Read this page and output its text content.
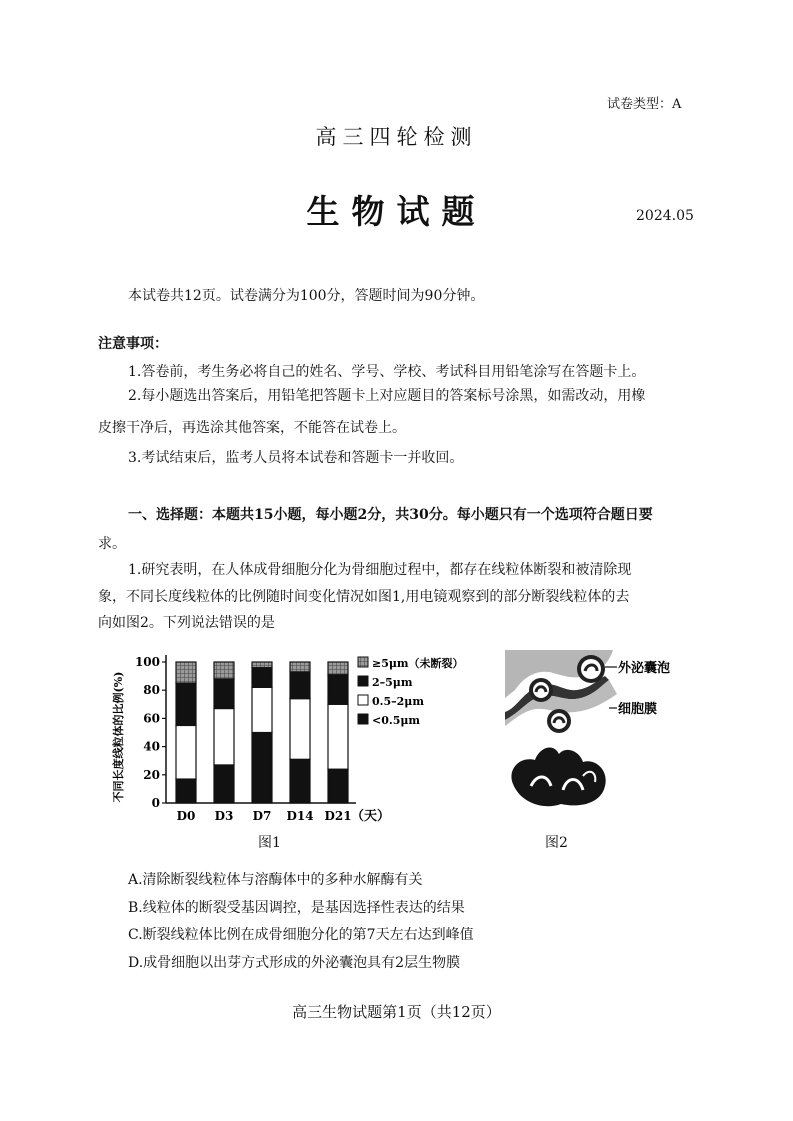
试卷类型：A
高三四轮检测
生物试题	2024.05
本试卷共12页。试卷满分为100分，答题时间为90分钟。
注意事项：
1.答卷前，考生务必将自己的姓名、学号、学校、考试科目用铅笔涂写在答题卡上。
2.每小题选出答案后，用铅笔把答题卡上对应题目的答案标号涂黑，如需改动，用橡
皮擦干净后，再选涂其他答案，不能答在试卷上。
3.考试结束后，监考人员将本试卷和答题卡一并收回。
一、选择题：本题共15小题，每小题2分，共30分。每小题只有一个选项符合题日要
求。
1.研究表明，在人体成骨细胞分化为骨细胞过程中，都存在线粒体断裂和被清除现
象，不同长度线粒体的比例随时间变化情况如图1,用电镜观察到的部分断裂线粒体的去
向如图2。下列说法错误的是
不同长度线粒体的比例(%)
0
20
40
60
80
100
D0 D3 D7 D14 D21 （天）
≥5μm（未断裂）
2–5μm
0.5–2μm
<0.5μm
图1
外泌囊泡
细胞膜
图2
A.清除断裂线粒体与溶酶体中的多种水解酶有关
B.线粒体的断裂受基因调控，是基因选择性表达的结果
C.断裂线粒体比例在成骨细胞分化的第7天左右达到峰值
D.成骨细胞以出芽方式形成的外泌囊泡具有2层生物膜
高三生物试题第1页（共12页）
